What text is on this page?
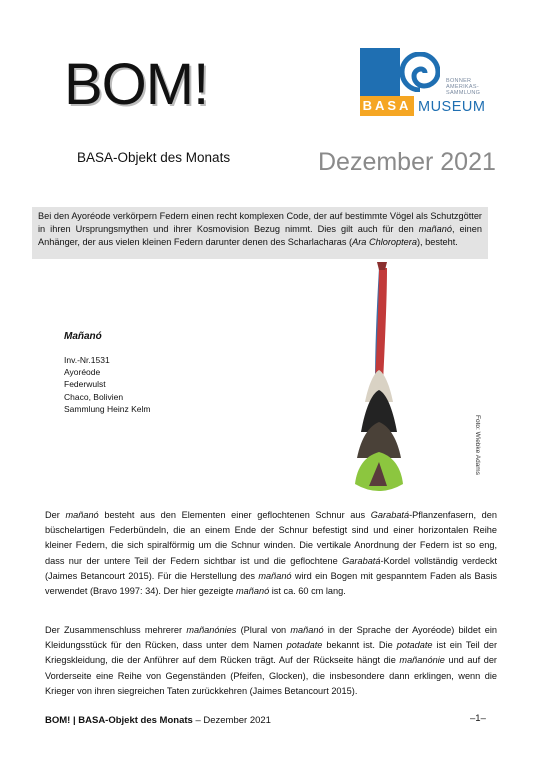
BOM!
BASA-Objekt des Monats	Dezember 2021
BONNER
AMERIKAS-SAMMLUNG
BASA MUSEUM
Bei den Ayoréode verkörpern Federn einen recht komplexen Code, der auf bestimmte Vögel als Schutzgötter in ihren Ursprungsmythen und ihrer Kosmovision Bezug nimmt. Dies gilt auch für den mañanó, einen Anhänger, der aus vielen kleinen Federn darunter denen des Scharlacharas (Ara Chloroptera), besteht.
Foto: Wiebke Adams
Mañanó
Inv.-Nr.1531
Ayoréode
Federwulst
Chaco, Bolivien
Sammlung Heinz Kelm
Der mañanó besteht aus den Elementen einer geflochtenen Schnur aus Garabatá-Pflanzenfasern, den büschelartigen Federbündeln, die an einem Ende der Schnur befestigt sind und einer horizontalen Reihe kleiner Federn, die sich spiralförmig um die Schnur winden. Die vertikale Anordnung der Federn ist so eng, dass nur der untere Teil der Federn sichtbar ist und die geflochtene Garabatá-Kordel vollständig verdeckt (Jaimes Betancourt 2015). Für die Herstellung des mañanó wird ein Bogen mit gespanntem Faden als Basis verwendet (Bravo 1997: 34). Der hier gezeigte mañanó ist ca. 60 cm lang.
Der Zusammenschluss mehrerer mañanónies (Plural von mañanó in der Sprache der Ayoréode) bildet ein Kleidungsstück für den Rücken, dass unter dem Namen potadate bekannt ist. Die potadate ist ein Teil der Kriegskleidung, die der Anführer auf dem Rücken trägt. Auf der Rückseite hängt die mañanónie und auf der Vorderseite eine Reihe von Gegenständen (Pfeifen, Glocken), die insbesondere dann erklingen, wenn die Krieger von ihren siegreichen Taten zurückkehren (Jaimes Betancourt 2015).
BOM! | BASA-Objekt des Monats – Dezember 2021	–1–
